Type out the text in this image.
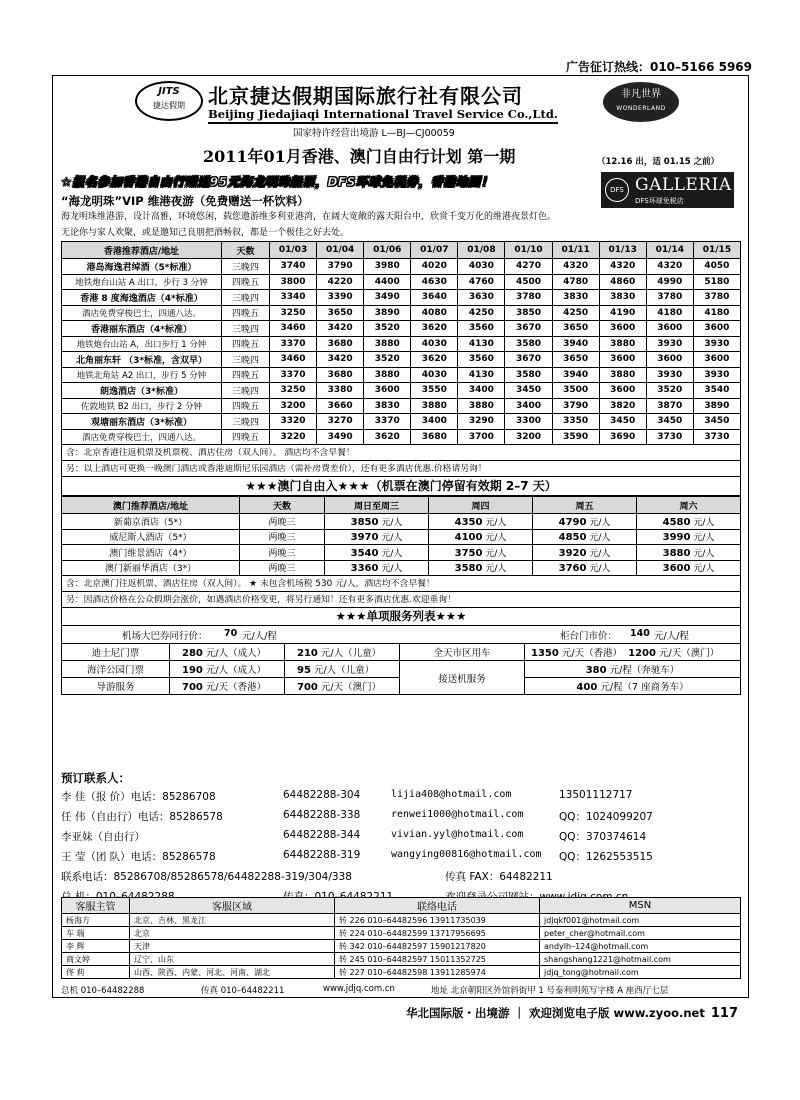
广告征订热线：010–5166 5969
JITS
捷达假期	北京捷达假期国际旅行社有限公司
Beijing Jiedajiaqi International Travel Service Co.,Ltd.
非凡世界
WONDERLAND
国家特许经营出境游 L—BJ—CJ00059
2011年01月香港、澳门自由行计划 第一期	（12.16 出，适 01.15 之前）
☆报名参加香港自由行赠送95元海龙明珠船票，DFS环球免税券，香港地图！
DFS GALLERIA
DFS环球免税店
“海龙明珠”VIP 维港夜游（免费赠送一杯饮料）
海龙明珠维港游，设计高雅，环境悠闲，载您遨游维多利亚港湾，在阔大宽敞的露天阳台中，欣赏千变万化的维港夜景灯色。
无论你与家人欢聚，或是邀知己良朋把酒畅叙，都是一个极佳之好去处。
香港推荐酒店/地址	天数	01/03	01/04	01/06	01/07	01/08	01/10	01/11	01/13	01/14	01/15
港岛海逸君绰酒（5*标准）	三晚四	3740	3790	3980	4020	4030	4270	4320	4320	4320	4050
地铁炮台山站 A 出口，步行 3 分钟	四晚五	3800	4220	4400	4630	4760	4500	4780	4860	4990	5180
香港 8 度海逸酒店（4*标准）	三晚四	3340	3390	3490	3640	3630	3780	3830	3830	3780	3780
酒店免费穿梭巴士，四通八达。	四晚五	3250	3650	3890	4080	4250	3850	4250	4190	4180	4180
香港丽东酒店（4*标准）	三晚四	3460	3420	3520	3620	3560	3670	3650	3600	3600	3600
地铁炮台山站 A，出口步行 1 分钟	四晚五	3370	3680	3880	4030	4130	3580	3940	3880	3930	3930
北角丽东轩 （3*标准，含双早）	三晚四	3460	3420	3520	3620	3560	3670	3650	3600	3600	3600
地铁北角站 A2 出口，步行 5 分钟	四晚五	3370	3680	3880	4030	4130	3580	3940	3880	3930	3930
朗逸酒店（3*标准）	三晚四	3250	3380	3600	3550	3400	3450	3500	3600	3520	3540
佐敦地铁 B2 出口，步行 2 分钟	四晚五	3200	3660	3830	3880	3880	3400	3790	3820	3870	3890
观塘丽东酒店（3*标准）	三晚四	3320	3270	3370	3400	3290	3300	3350	3450	3450	3450
酒店免费穿梭巴士，四通八达。	四晚五	3220	3490	3620	3680	3700	3200	3590	3690	3730	3730
含：北京香港往返机票及机票税、酒店住房（双人间）。 酒店均不含早餐！
另：以上酒店可更换一晚澳门酒店或香港迪斯尼乐园酒店（需补房费差价），还有更多酒店优惠.价格请另询！
★★★澳门自由入★★★（机票在澳门停留有效期 2–7 天）
澳门推荐酒店/地址	天数	周日至周三	周四	周五	周六
新葡京酒店（5*）	两晚三	3850 元/人	4350 元/人	4790 元/人	4580 元/人
威尼斯人酒店（5*）	两晚三	3970 元/人	4100 元/人	4850 元/人	3990 元/人
澳门维景酒店（4*）	两晚三	3540 元/人	3750 元/人	3920 元/人	3880 元/人
澳门新丽华酒店（3*）	两晚三	3360 元/人	3580 元/人	3760 元/人	3600 元/人
含：北京澳门往返机票、酒店住房（双人间）。 ★ 未包含机场税 530 元/人，酒店均不含早餐！
另：因酒店价格在公众假期会涨价，如遇酒店价格变更，将另行通知！还有更多酒店优惠.欢迎垂询！
★★★单项服务列表★★★
机场大巴券同行价： 70 元/人/程	柜台门市价： 140 元/人/程
迪士尼门票	280 元/人（成人）	210 元/人（儿童）	全天市区用车	1350 元/天（香港） 1200 元/天（澳门）
海洋公园门票	190 元/人（成人）	95 元/人（儿童）	接送机服务	380 元/程（奔驰车）
导游服务	700 元/天（香港）	700 元/天（澳门）		400 元/程（7 座商务车）
预订联系人：
李 佳（报 价）电话：85286708	64482288-304	lijia408@hotmail.com	13501112717
任 伟（自由行）电话：85286578	64482288-338	renwei1000@hotmail.com	QQ：1024099207
李亚妹（自由行）	64482288-344	vivian.yyl@hotmail.com	QQ：370374614
王 莹（团 队）电话：85286578	64482288-319	wangying00816@hotmail.com QQ：1262553515
联系电话：85286708/85286578/64482288-319/304/338	传真 FAX：64482211
客服主管	客服区域	联络电话	MSN
杨海方	北京、吉林、黑龙江	转 226 010–64482596 13911735039	jdjqkf001@hotmail.com
车 瑞	北京	转 224 010–64482599 13717956695	peter_cher@hotmail.com
李 辉	天津	转 342 010–64482597 15901217820	andylh–124@hotmail.com
商文婷	辽宁、山东	转 245 010–64482597 15011352725	shangshang1221@hotmail.com
佟 莉	山西、陕西、内蒙、河北、河南、湖北	转 227 010–64482598 13911285974	jdjq_tong@hotmail.com
总机 010–64482288	传真 010–64482211	www.jdjq.com.cn	地址 北京朝阳区外馆斜街甲 1 号泰利明苑写字楼 A 座西厅七层
华北国际版・出境游 ｜ 欢迎浏览电子版 www.zyoo.net 117
